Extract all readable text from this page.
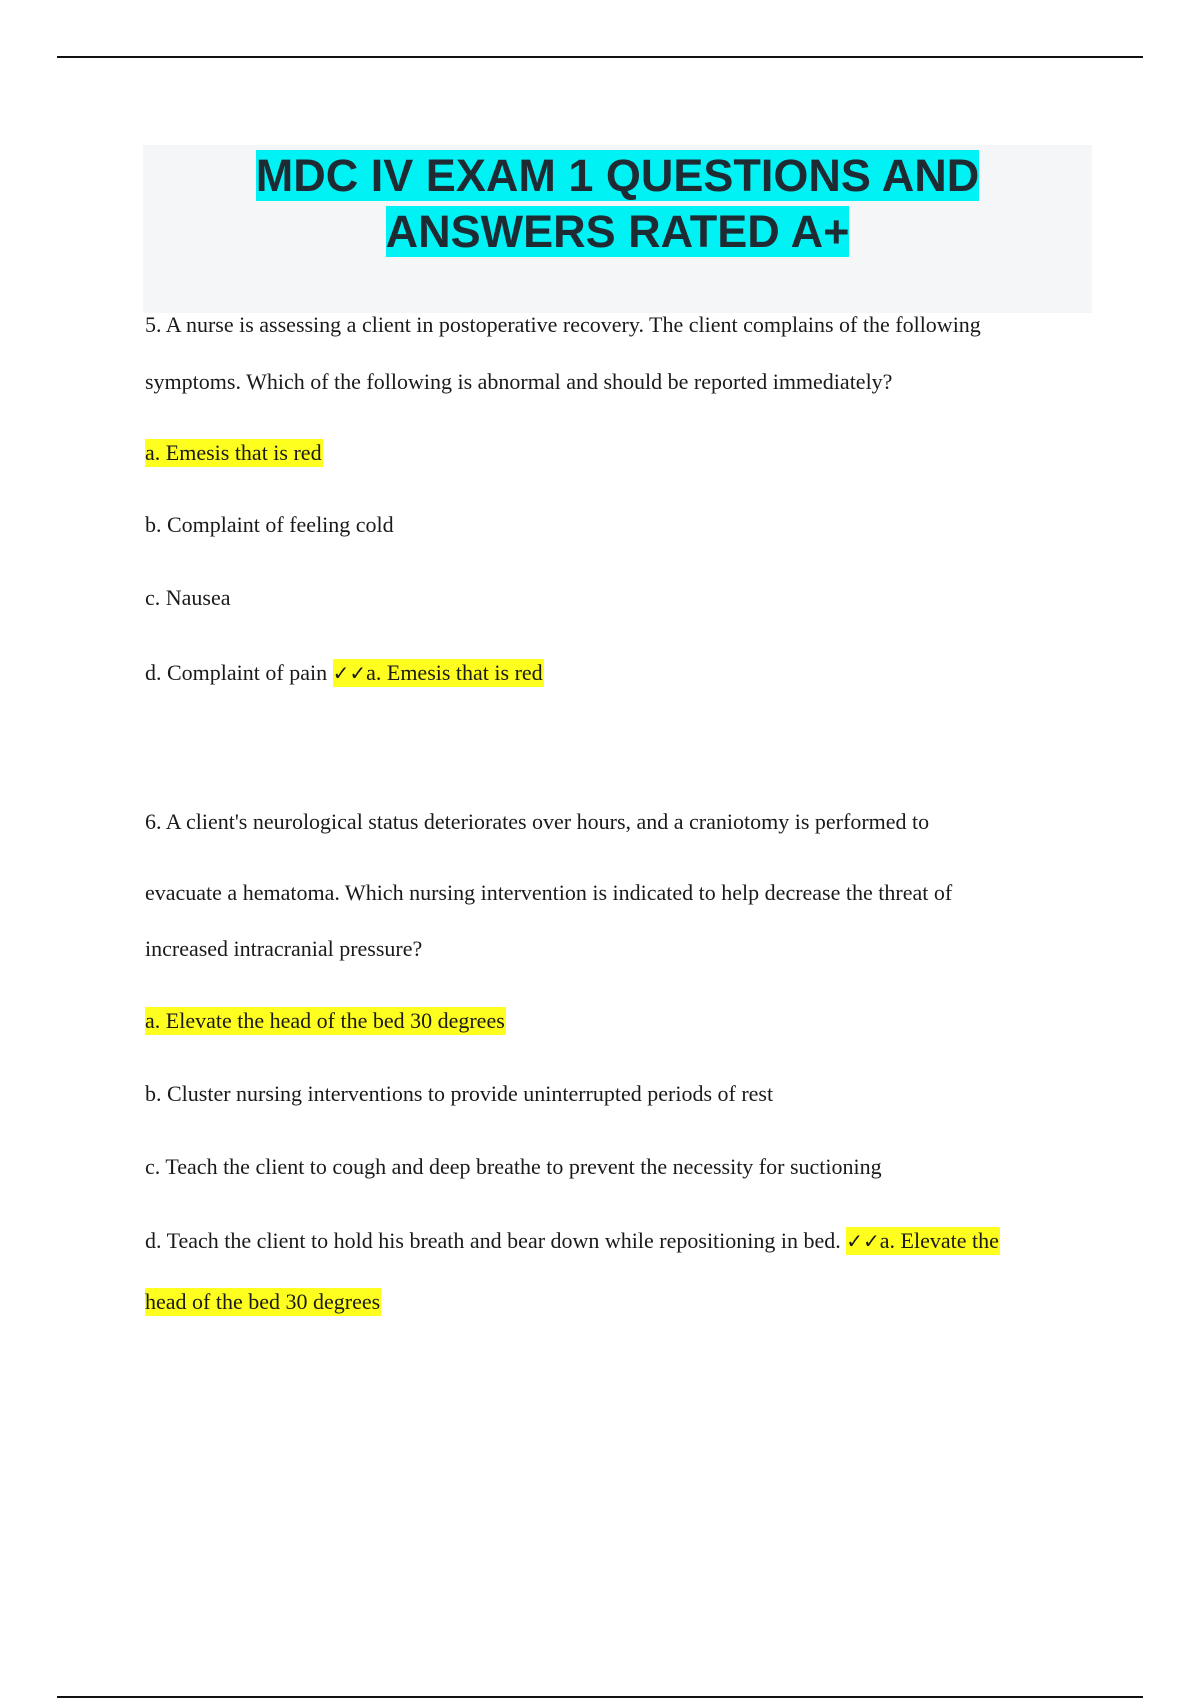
MDC IV EXAM 1 QUESTIONS AND
ANSWERS RATED A+
5. A nurse is assessing a client in postoperative recovery. The client complains of the following
symptoms. Which of the following is abnormal and should be reported immediately?
a. Emesis that is red
b. Complaint of feeling cold
c. Nausea
d. Complaint of pain ✓✓a. Emesis that is red
6. A client's neurological status deteriorates over hours, and a craniotomy is performed to
evacuate a hematoma. Which nursing intervention is indicated to help decrease the threat of
increased intracranial pressure?
a. Elevate the head of the bed 30 degrees
b. Cluster nursing interventions to provide uninterrupted periods of rest
c. Teach the client to cough and deep breathe to prevent the necessity for suctioning
d. Teach the client to hold his breath and bear down while repositioning in bed. ✓✓a. Elevate the
head of the bed 30 degrees
